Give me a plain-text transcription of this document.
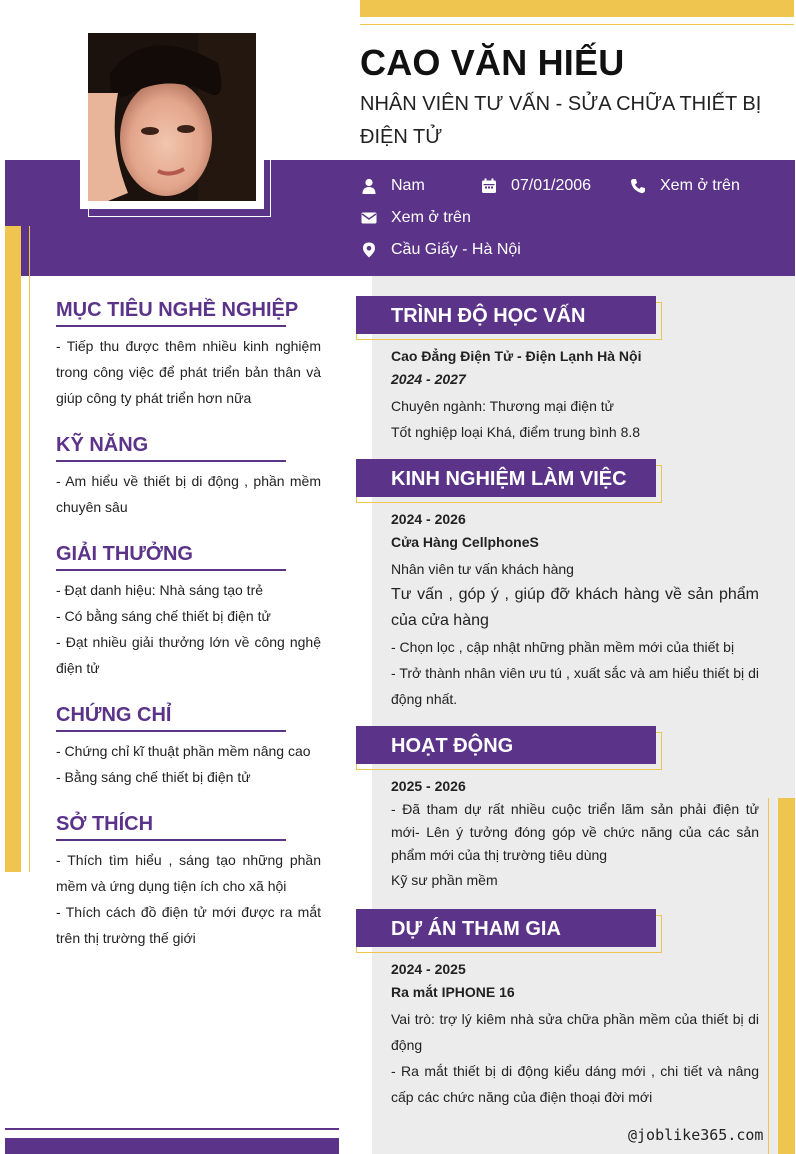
CAO VĂN HIẾU
NHÂN VIÊN TƯ VẤN - SỬA CHỮA THIẾT BỊ ĐIỆN TỬ
Nam	07/01/2006	Xem ở trên
Xem ở trên
Cầu Giấy - Hà Nội
MỤC TIÊU NGHỀ NGHIỆP
- Tiếp thu được thêm nhiều kinh nghiệm trong công việc để phát triển bản thân và giúp công ty phát triển hơn nữa
KỸ NĂNG
- Am hiểu về thiết bị di động , phần mềm chuyên sâu
GIẢI THƯỞNG
- Đạt danh hiệu: Nhà sáng tạo trẻ
- Có bằng sáng chế thiết bị điện tử
- Đạt nhiều giải thưởng lớn về công nghệ điện tử
CHỨNG CHỈ
- Chứng chỉ kĩ thuật phần mềm nâng cao
- Bằng sáng chế thiết bị điện tử
SỞ THÍCH
- Thích tìm hiểu , sáng tạo những phần mềm và ứng dụng tiện ích cho xã hội
- Thích cách đồ điện tử mới được ra mắt trên thị trường thế giới
TRÌNH ĐỘ HỌC VẤN
Cao Đẳng Điện Tử - Điện Lạnh Hà Nội
2024 - 2027
Chuyên ngành: Thương mại điện tử
Tốt nghiệp loại Khá, điểm trung bình 8.8
KINH NGHIỆM LÀM VIỆC
2024 - 2026
Cửa Hàng CellphoneS
Nhân viên tư vấn khách hàng
Tư vấn , góp ý , giúp đỡ khách hàng về sản phẩm của cửa hàng
- Chọn lọc , cập nhật những phần mềm mới của thiết bị
- Trở thành nhân viên ưu tú , xuất sắc và am hiểu thiết bị di động nhất.
HOẠT ĐỘNG
2025 - 2026
- Đã tham dự rất nhiều cuộc triển lãm sản phải điện tử mới- Lên ý tưởng đóng góp về chức năng của các sản phẩm mới của thị trường tiêu dùng
Kỹ sư phần mềm
DỰ ÁN THAM GIA
2024 - 2025
Ra mắt IPHONE 16
Vai trò: trợ lý kiêm nhà sửa chữa phần mềm của thiết bị di động
- Ra mắt thiết bị di động kiểu dáng mới , chi tiết và nâng cấp các chức năng của điện thoại đời mới
@joblike365.com
